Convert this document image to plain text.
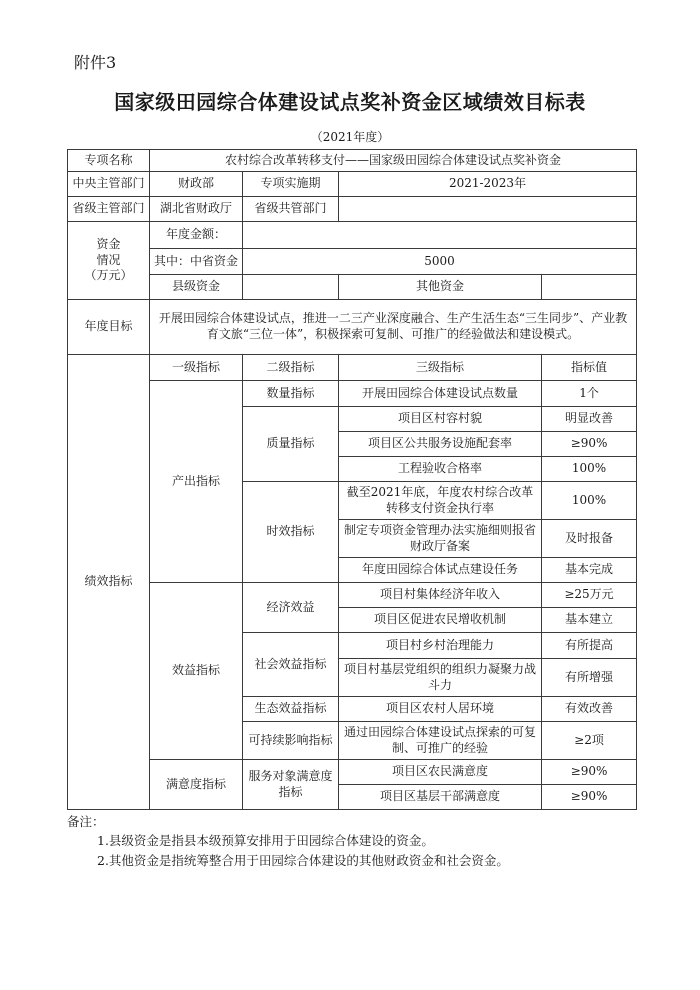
附件3
国家级田园综合体建设试点奖补资金区域绩效目标表
（2021年度）
专项名称	农村综合改革转移支付——国家级田园综合体建设试点奖补资金			
中央主管部门	财政部	专项实施期	2021-2023年	
省级主管部门	湖北省财政厅	省级共管部门		
资金
情况
（万元）	年度金额：			
	其中：中省资金	5000		
	县级资金		其他资金	
年度目标	开展田园综合体建设试点，推进一二三产业深度融合、生产生活生态“三生同步”、产业教育文旅“三位一体”，积极探索可复制、可推广的经验做法和建设模式。			
绩效指标	一级指标	二级指标	三级指标	指标值
	产出指标	数量指标	开展田园综合体建设试点数量	1个
		质量指标	项目区村容村貌	明显改善
			项目区公共服务设施配套率	≥90%
			工程验收合格率	100%
		时效指标	截至2021年底，年度农村综合改革转移支付资金执行率	100%
			制定专项资金管理办法实施细则报省财政厅备案	及时报备
			年度田园综合体试点建设任务	基本完成
	效益指标	经济效益	项目村集体经济年收入	≥25万元
			项目区促进农民增收机制	基本建立
		社会效益指标	项目村乡村治理能力	有所提高
			项目村基层党组织的组织力凝聚力战斗力	有所增强
		生态效益指标	项目区农村人居环境	有效改善
		可持续影响指标	通过田园综合体建设试点探索的可复制、可推广的经验	≥2项
	满意度指标	服务对象满意度指标	项目区农民满意度	≥90%
			项目区基层干部满意度	≥90%
备注：
1.县级资金是指县本级预算安排用于田园综合体建设的资金。
2.其他资金是指统筹整合用于田园综合体建设的其他财政资金和社会资金。
